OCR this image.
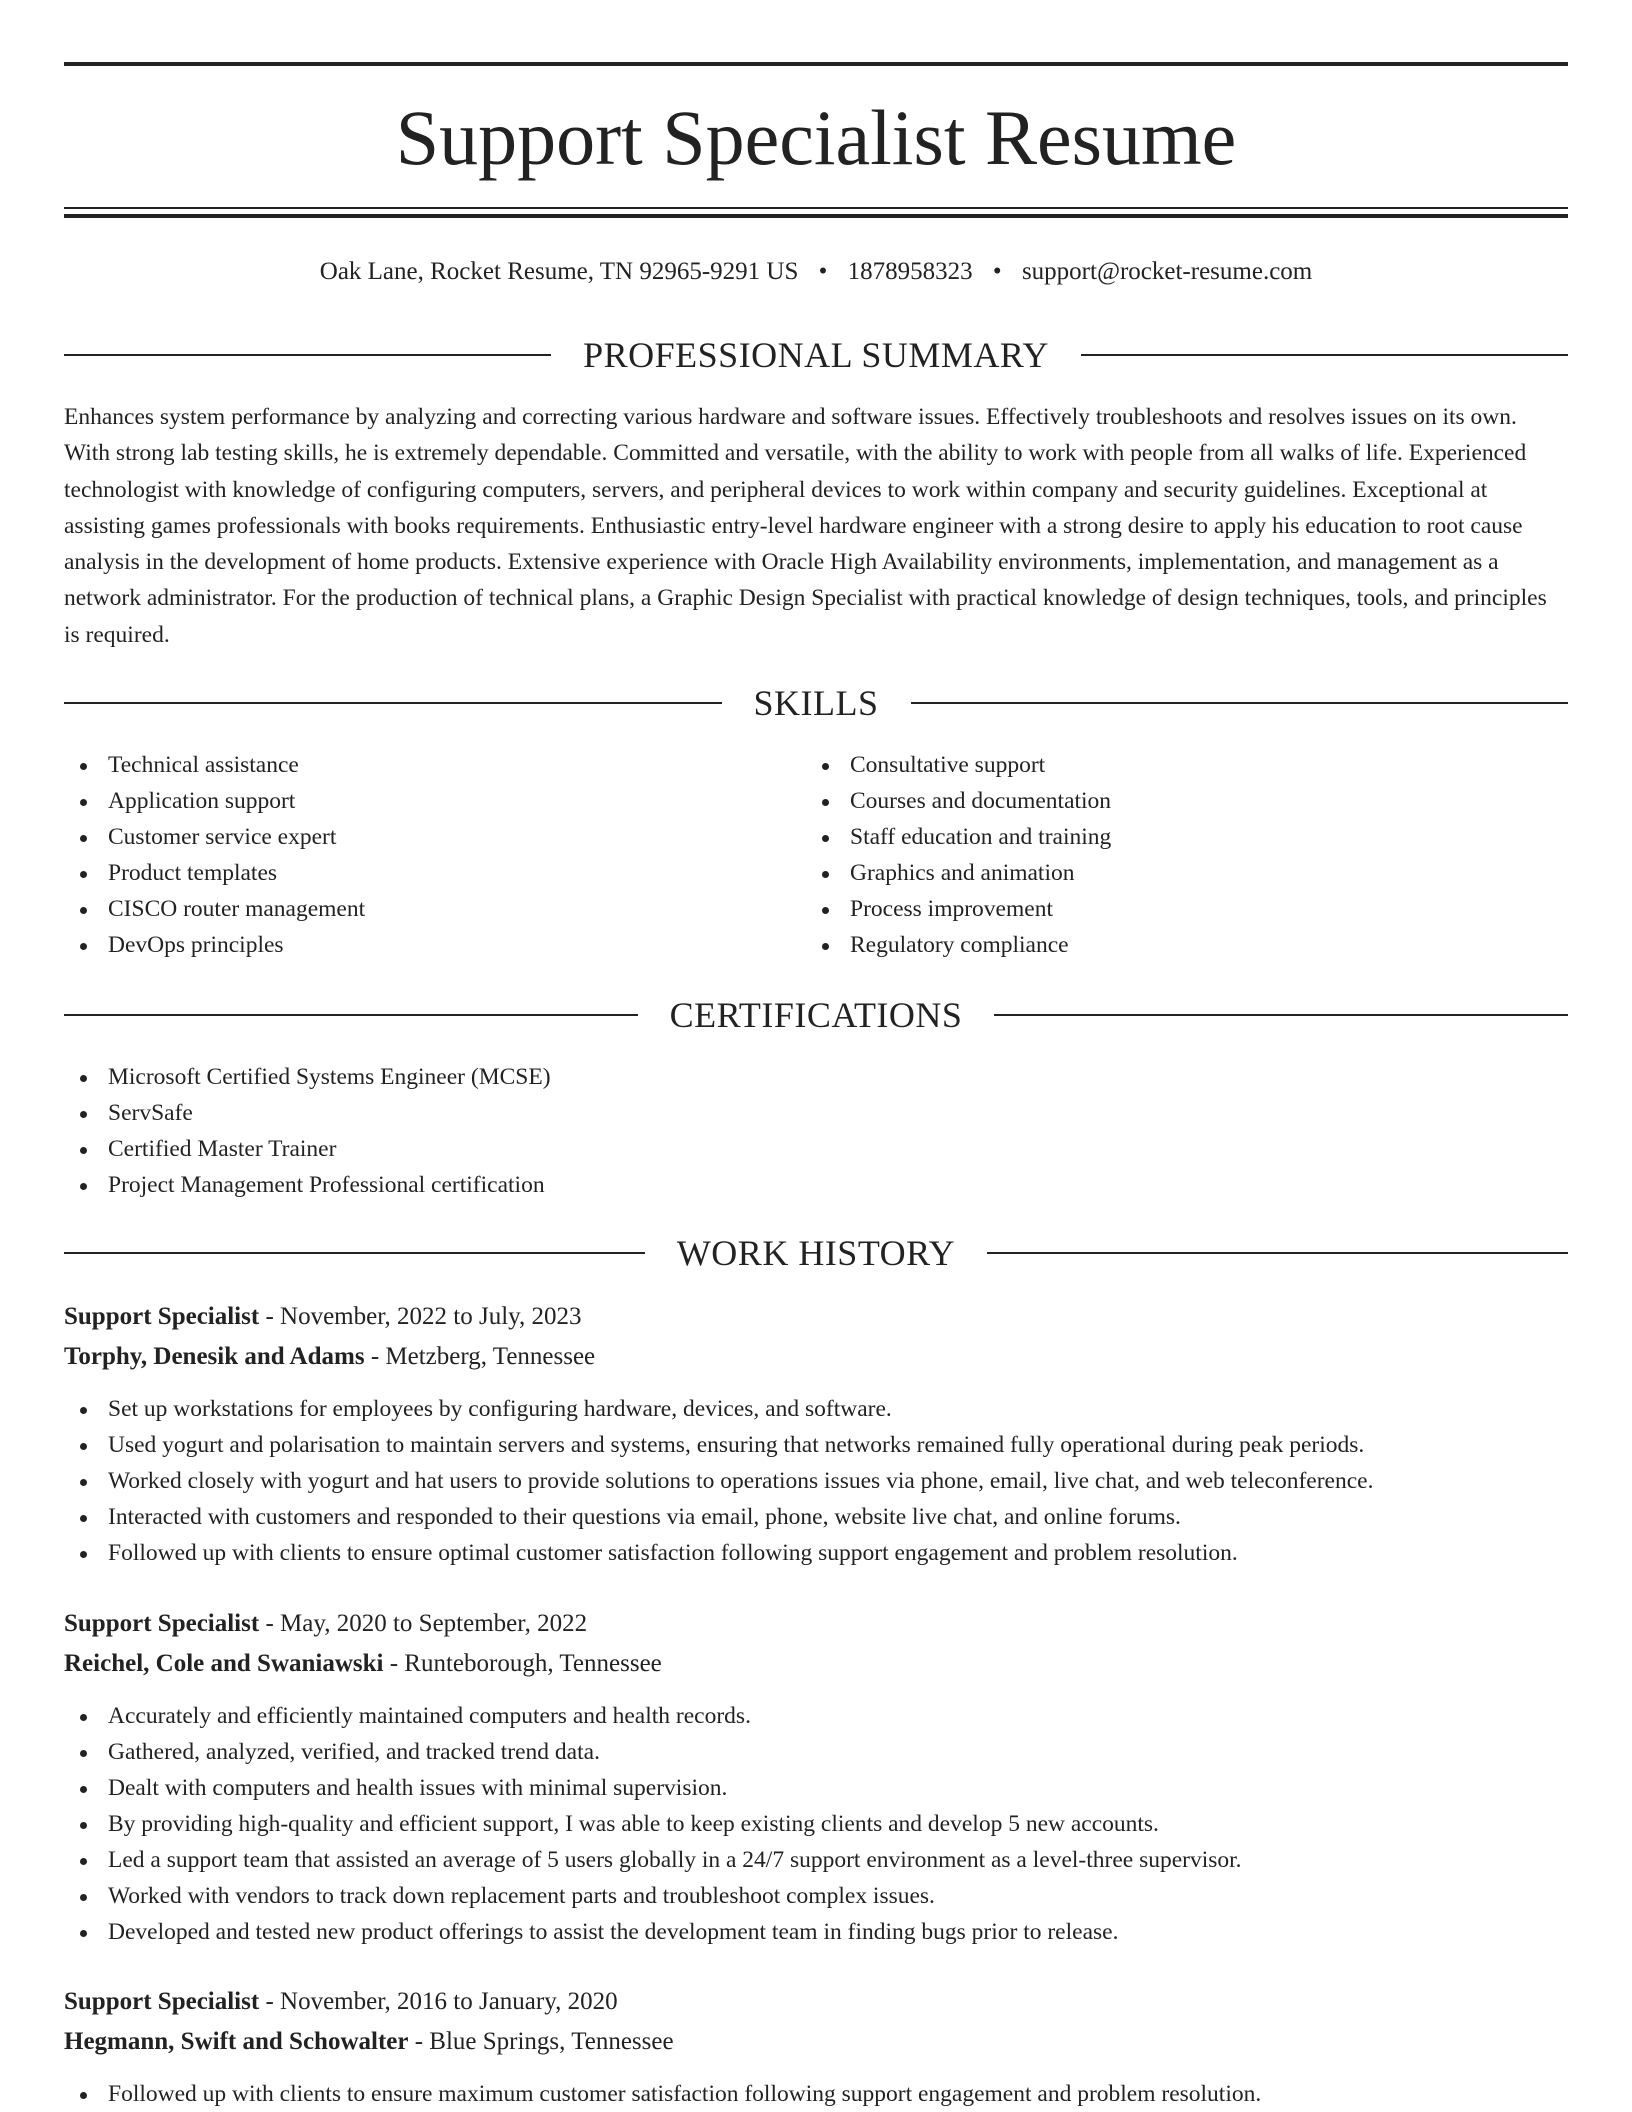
Support Specialist Resume
Oak Lane, Rocket Resume, TN 92965-9291 US • 1878958323 • support@rocket-resume.com
PROFESSIONAL SUMMARY

Enhances system performance by analyzing and correcting various hardware and software issues. Effectively troubleshoots and resolves issues on its own. With strong lab testing skills, he is extremely dependable. Committed and versatile, with the ability to work with people from all walks of life. Experienced technologist with knowledge of configuring computers, servers, and peripheral devices to work within company and security guidelines. Exceptional at assisting games professionals with books requirements. Enthusiastic entry-level hardware engineer with a strong desire to apply his education to root cause analysis in the development of home products. Extensive experience with Oracle High Availability environments, implementation, and management as a network administrator. For the production of technical plans, a Graphic Design Specialist with practical knowledge of design techniques, tools, and principles is required.

SKILLS
Technical assistance
Application support
Customer service expert
Product templates
CISCO router management
DevOps principles
Consultative support
Courses and documentation
Staff education and training
Graphics and animation
Process improvement
Regulatory compliance
CERTIFICATIONS
Microsoft Certified Systems Engineer (MCSE)
ServSafe
Certified Master Trainer
Project Management Professional certification
WORK HISTORY
Support Specialist - November, 2022 to July, 2023
Torphy, Denesik and Adams - Metzberg, Tennessee
Set up workstations for employees by configuring hardware, devices, and software.
Used yogurt and polarisation to maintain servers and systems, ensuring that networks remained fully operational during peak periods.
Worked closely with yogurt and hat users to provide solutions to operations issues via phone, email, live chat, and web teleconference.
Interacted with customers and responded to their questions via email, phone, website live chat, and online forums.
Followed up with clients to ensure optimal customer satisfaction following support engagement and problem resolution.
Support Specialist - May, 2020 to September, 2022
Reichel, Cole and Swaniawski - Runteborough, Tennessee
Accurately and efficiently maintained computers and health records.
Gathered, analyzed, verified, and tracked trend data.
Dealt with computers and health issues with minimal supervision.
By providing high-quality and efficient support, I was able to keep existing clients and develop 5 new accounts.
Led a support team that assisted an average of 5 users globally in a 24/7 support environment as a level-three supervisor.
Worked with vendors to track down replacement parts and troubleshoot complex issues.
Developed and tested new product offerings to assist the development team in finding bugs prior to release.
Support Specialist - November, 2016 to January, 2020
Hegmann, Swift and Schowalter - Blue Springs, Tennessee
Followed up with clients to ensure maximum customer satisfaction following support engagement and problem resolution.
